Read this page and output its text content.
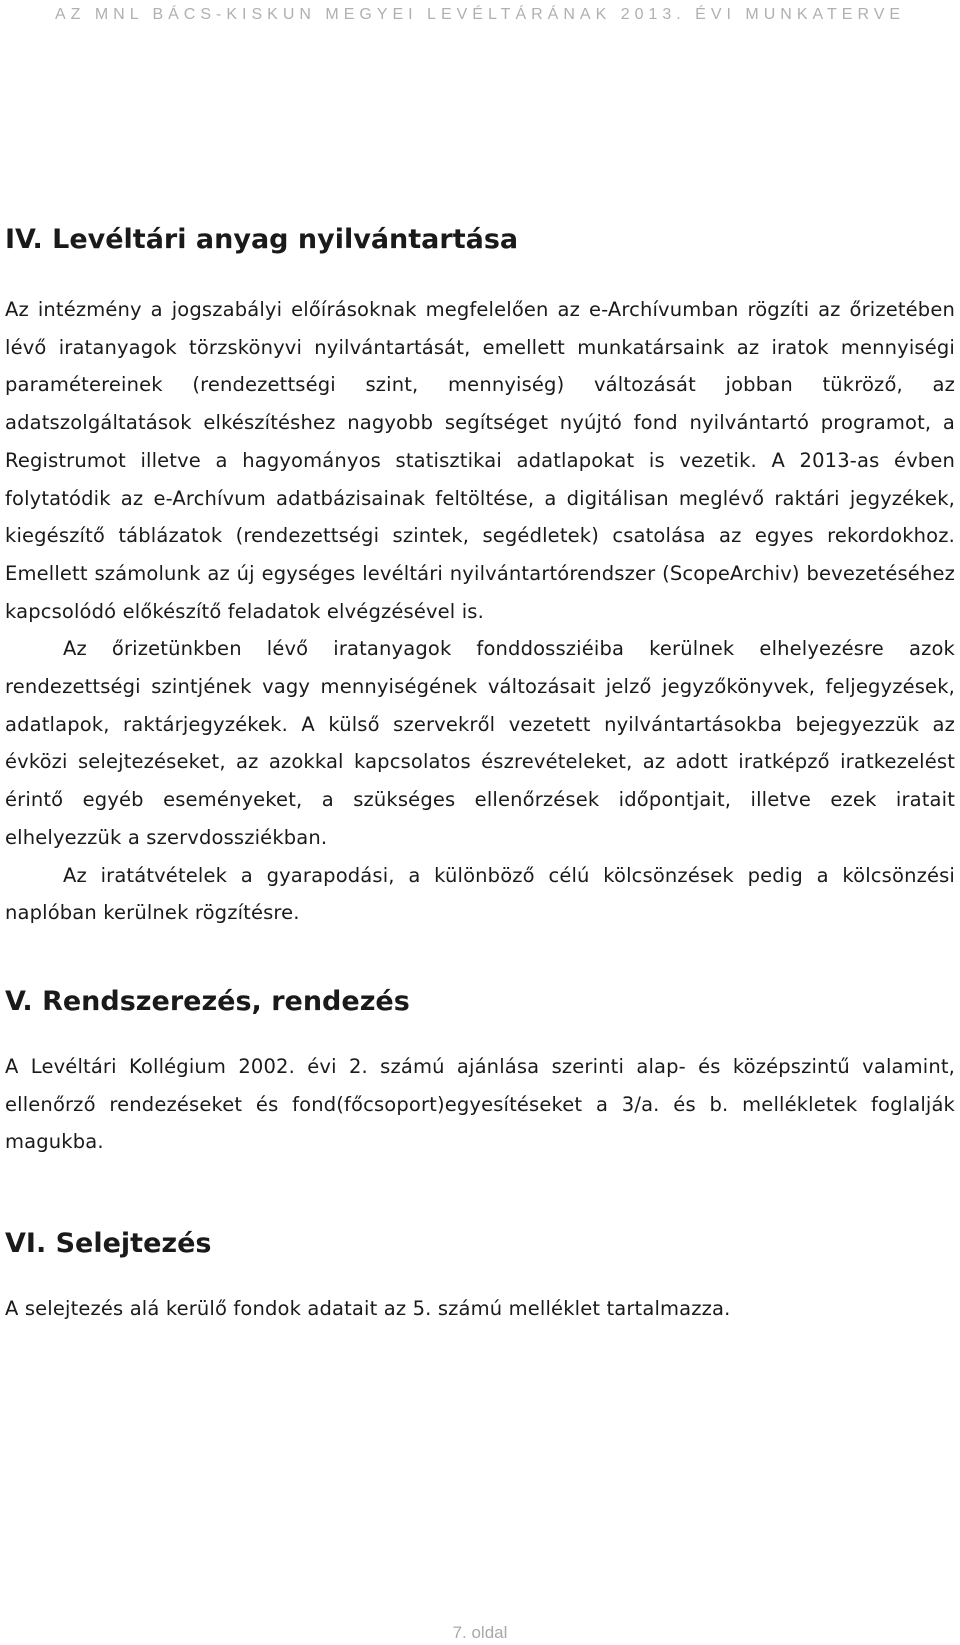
AZ MNL BÁCS-KISKUN MEGYEI LEVÉLTÁRÁNAK 2013. ÉVI MUNKATERVE
IV. Levéltári anyag nyilvántartása

Az intézmény a jogszabályi előírásoknak megfelelően az e-Archívumban rögzíti az őrizetében lévő iratanyagok törzskönyvi nyilvántartását, emellett munkatársaink az iratok mennyiségi paramétereinek (rendezettségi szint, mennyiség) változását jobban tükröző, az adatszolgáltatások elkészítéshez nagyobb segítséget nyújtó fond nyilvántartó programot, a Registrumot illetve a hagyományos statisztikai adatlapokat is vezetik. A 2013-as évben folytatódik az e-Archívum adatbázisainak feltöltése, a digitálisan meglévő raktári jegyzékek, kiegészítő táblázatok (rendezettségi szintek, segédletek) csatolása az egyes rekordokhoz. Emellett számolunk az új egységes levéltári nyilvántartórendszer (ScopeArchiv) bevezetéséhez kapcsolódó előkészítő feladatok elvégzésével is.

Az őrizetünkben lévő iratanyagok fonddossziéiba kerülnek elhelyezésre azok rendezettségi szintjének vagy mennyiségének változásait jelző jegyzőkönyvek, feljegyzések, adatlapok, raktárjegyzékek. A külső szervekről vezetett nyilvántartásokba bejegyezzük az évközi selejtezéseket, az azokkal kapcsolatos észrevételeket, az adott iratképző iratkezelést érintő egyéb eseményeket, a szükséges ellenőrzések időpontjait, illetve ezek iratait elhelyezzük a szervdossziékban.

Az iratátvételek a gyarapodási, a különböző célú kölcsönzések pedig a kölcsönzési naplóban kerülnek rögzítésre.

V. Rendszerezés, rendezés

A Levéltári Kollégium 2002. évi 2. számú ajánlása szerinti alap- és középszintű valamint, ellenőrző rendezéseket és fond(főcsoport)egyesítéseket a 3/a. és b. mellékletek foglalják magukba.

VI. Selejtezés

A selejtezés alá kerülő fondok adatait az 5. számú melléklet tartalmazza.

7. oldal
